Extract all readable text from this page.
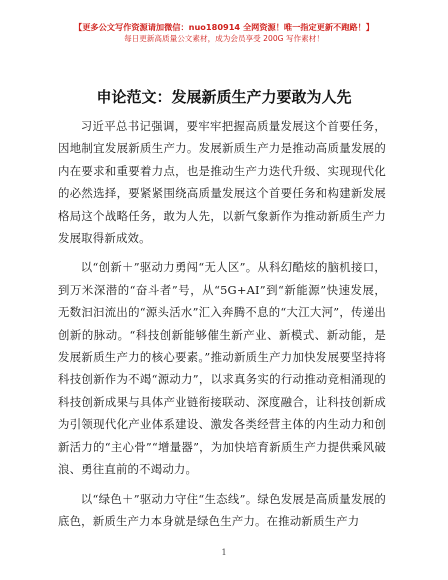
【更多公文写作资源请加微信：nuo180914 全网资源！唯一指定更新不跑路！】
每日更新高质量公文素材，成为会员享受 200G 写作素材！
申论范文：发展新质生产力要敢为人先

习近平总书记强调，要牢牢把握高质量发展这个首要任务，因地制宜发展新质生产力。发展新质生产力是推动高质量发展的内在要求和重要着力点，也是推动生产力迭代升级、实现现代化的必然选择，要紧紧围绕高质量发展这个首要任务和构建新发展格局这个战略任务，敢为人先，以新气象新作为推动新质生产力发展取得新成效。

以“创新＋”驱动力勇闯“无人区”。从科幻酷炫的脑机接口，到万米深潜的“奋斗者”号，从“5G+AI”到“新能源”快速发展，无数汩汩流出的“源头活水”汇入奔腾不息的“大江大河”，传递出创新的脉动。“科技创新能够催生新产业、新模式、新动能，是发展新质生产力的核心要素。”推动新质生产力加快发展要坚持将科技创新作为不竭“源动力”，以求真务实的行动推动竞相涌现的科技创新成果与具体产业链衔接联动、深度融合，让科技创新成为引领现代化产业体系建设、激发各类经营主体的内生动力和创新活力的“主心骨”“增量器”，为加快培育新质生产力提供乘风破浪、勇往直前的不竭动力。

以“绿色＋”驱动力守住“生态线”。绿色发展是高质量发展的底色，新质生产力本身就是绿色生产力。在推动新质生产力

1
